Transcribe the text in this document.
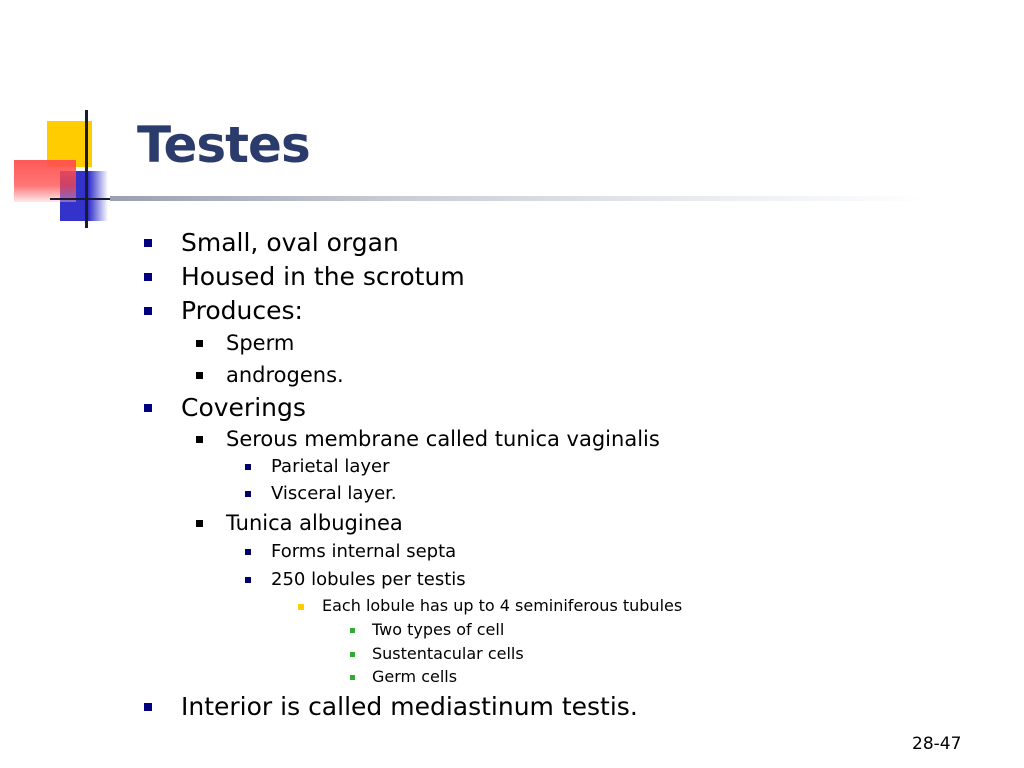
Testes
Small, oval organ
Housed in the scrotum
Produces:
Sperm
androgens.
Coverings
Serous membrane called tunica vaginalis
Parietal layer
Visceral layer.
Tunica albuginea
Forms internal septa
250 lobules per testis
Each lobule has up to 4 seminiferous tubules
Two types of cell
Sustentacular cells
Germ cells
Interior is called mediastinum testis.
28-47
